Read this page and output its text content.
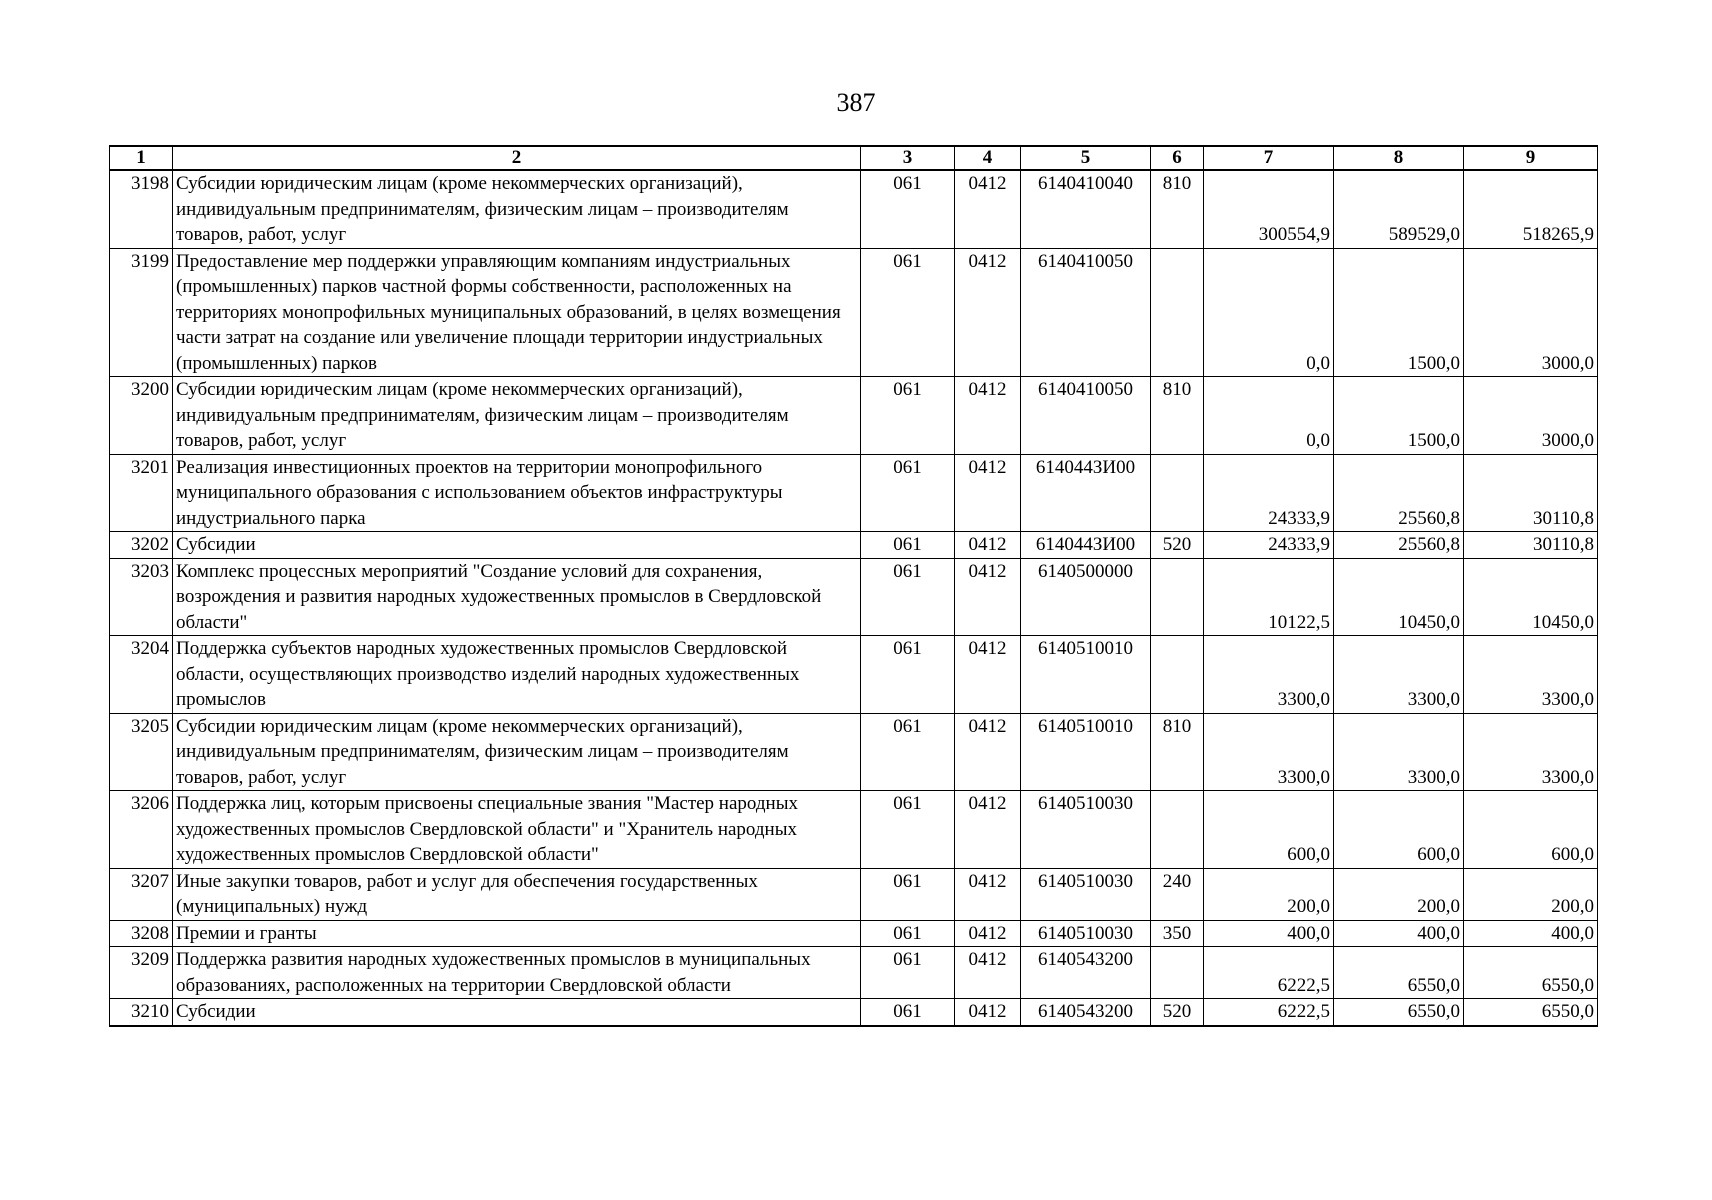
387
1	2	3	4	5	6	7	8	9
3198	Субсидии юридическим лицам (кроме некоммерческих организаций), индивидуальным предпринимателям, физическим лицам – производителям товаров, работ, услуг	061	0412	6140410040	810	300554,9	589529,0	518265,9
3199	Предоставление мер поддержки управляющим компаниям индустриальных (промышленных) парков частной формы собственности, расположенных на территориях монопрофильных муниципальных образований, в целях возмещения части затрат на создание или увеличение площади территории индустриальных (промышленных) парков	061	0412	6140410050		0,0	1500,0	3000,0
3200	Субсидии юридическим лицам (кроме некоммерческих организаций), индивидуальным предпринимателям, физическим лицам – производителям товаров, работ, услуг	061	0412	6140410050	810	0,0	1500,0	3000,0
3201	Реализация инвестиционных проектов на территории монопрофильного муниципального образования с использованием объектов инфраструктуры индустриального парка	061	0412	614044ЗИ00		24333,9	25560,8	30110,8
3202	Субсидии	061	0412	614044ЗИ00	520	24333,9	25560,8	30110,8
3203	Комплекс процессных мероприятий "Создание условий для сохранения, возрождения и развития народных художественных промыслов в Свердловской области"	061	0412	6140500000		10122,5	10450,0	10450,0
3204	Поддержка субъектов народных художественных промыслов Свердловской области, осуществляющих производство изделий народных художественных промыслов	061	0412	6140510010		3300,0	3300,0	3300,0
3205	Субсидии юридическим лицам (кроме некоммерческих организаций), индивидуальным предпринимателям, физическим лицам – производителям товаров, работ, услуг	061	0412	6140510010	810	3300,0	3300,0	3300,0
3206	Поддержка лиц, которым присвоены специальные звания "Мастер народных художественных промыслов Свердловской области" и "Хранитель народных художественных промыслов Свердловской области"	061	0412	6140510030		600,0	600,0	600,0
3207	Иные закупки товаров, работ и услуг для обеспечения государственных (муниципальных) нужд	061	0412	6140510030	240	200,0	200,0	200,0
3208	Премии и гранты	061	0412	6140510030	350	400,0	400,0	400,0
3209	Поддержка развития народных художественных промыслов в муниципальных образованиях, расположенных на территории Свердловской области	061	0412	6140543200		6222,5	6550,0	6550,0
3210	Субсидии	061	0412	6140543200	520	6222,5	6550,0	6550,0
